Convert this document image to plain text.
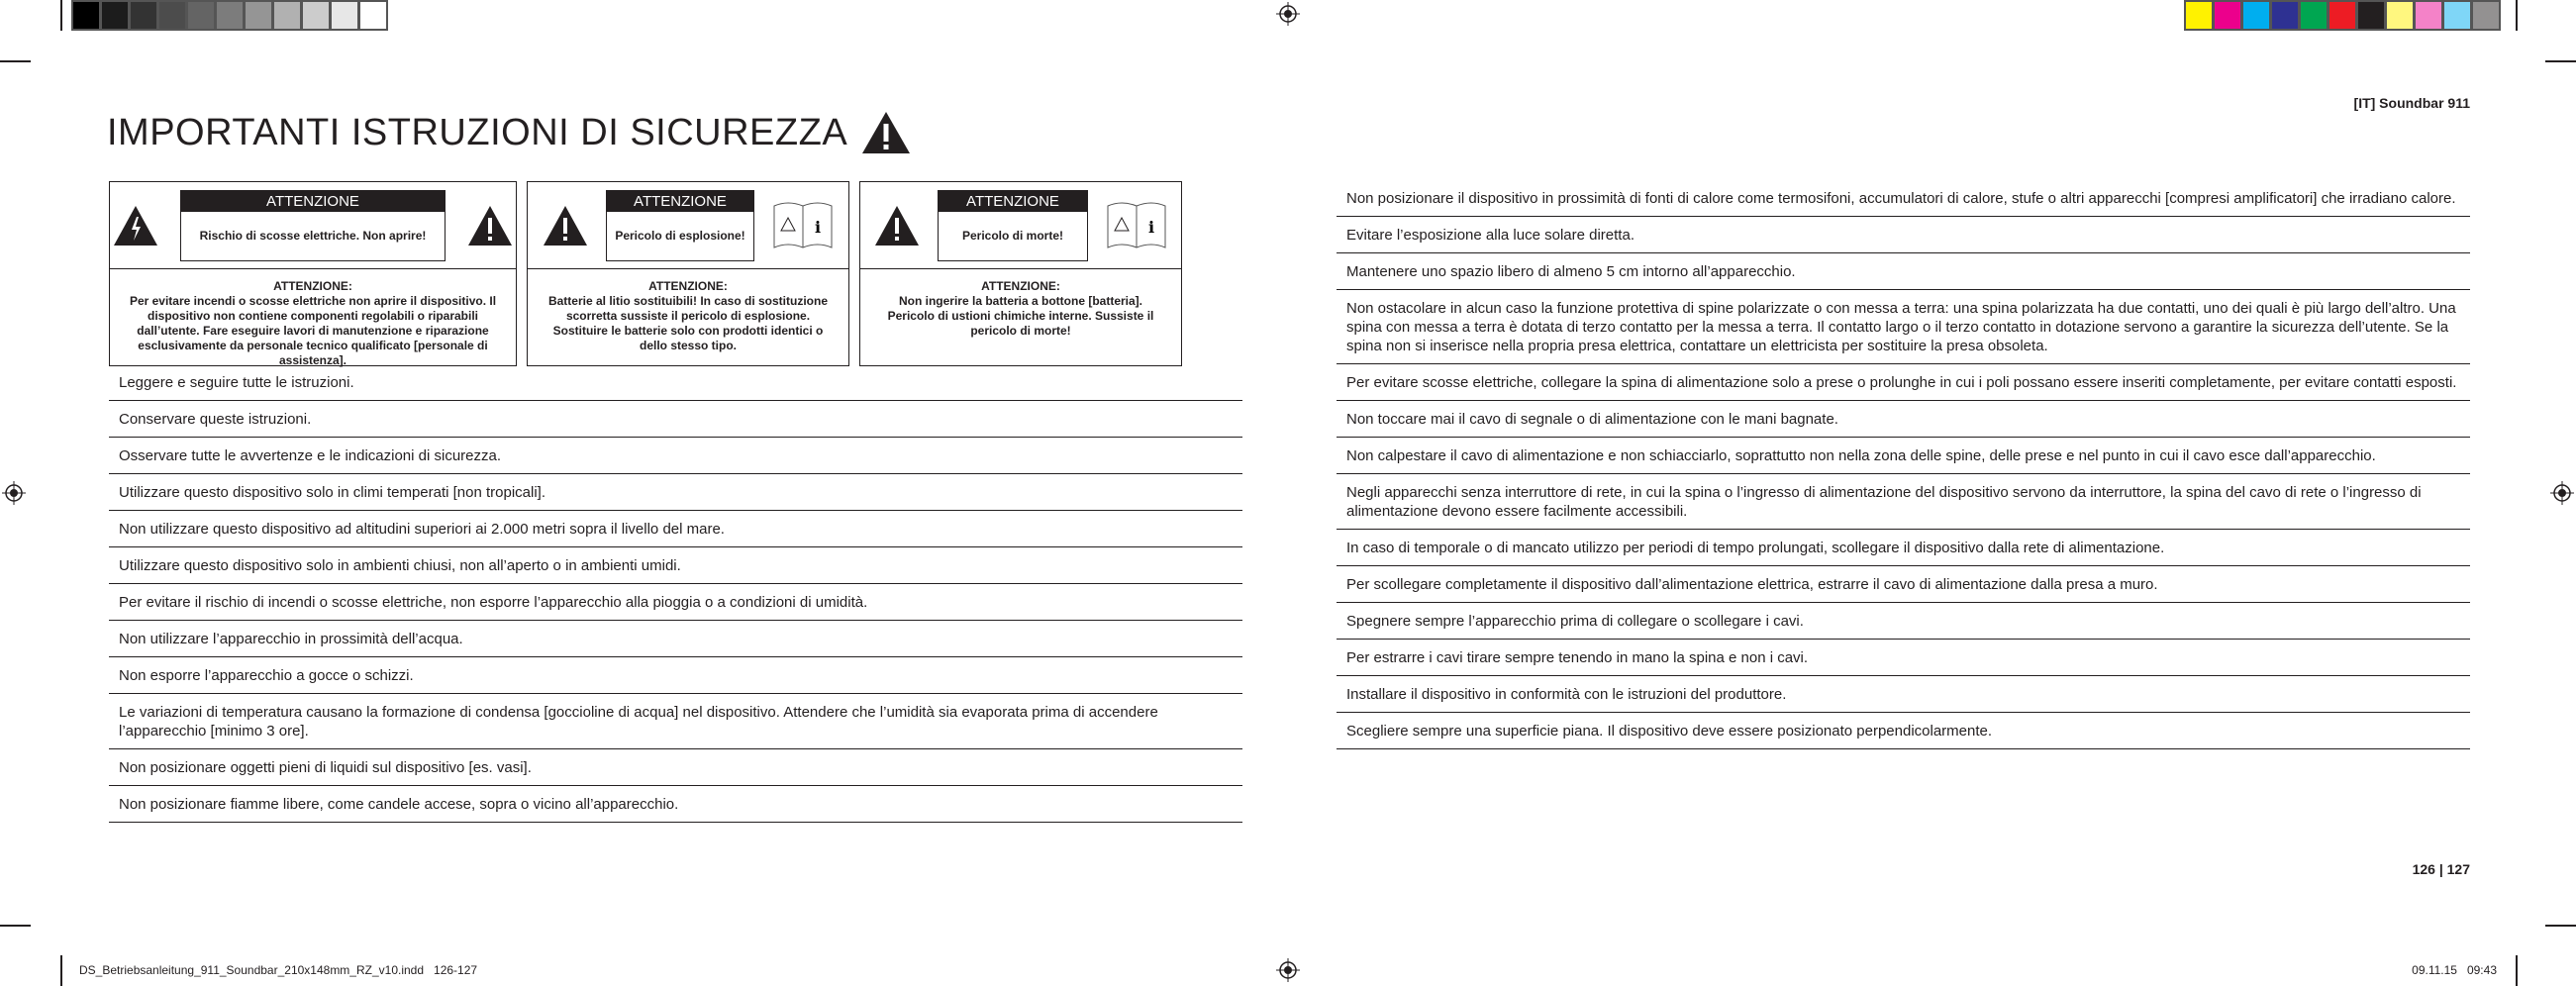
IMPORTANTI ISTRUZIONI DI SICUREZZA
[IT] Soundbar 911
ATTENZIONE
Rischio di scosse elettriche. Non aprire!
ATTENZIONE:
Per evitare incendi o scosse elettriche non aprire il dispositivo. Il dispositivo non contiene componenti regolabili o riparabili dall’utente. Fare eseguire lavori di manutenzione e riparazione esclusivamente da personale tecnico qualificato [personale di assistenza].
ATTENZIONE
Pericolo di esplosione!	i
ATTENZIONE:
Batterie al litio sostituibili! In caso di sostituzione scorretta sussiste il pericolo di esplosione. Sostituire le batterie solo con prodotti identici o dello stesso tipo.
ATTENZIONE
Pericolo di morte!	i
ATTENZIONE:
Non ingerire la batteria a bottone [batteria]. Pericolo di ustioni chimiche interne. Sussiste il pericolo di morte!
Leggere e seguire tutte le istruzioni.
Conservare queste istruzioni.
Osservare tutte le avvertenze e le indicazioni di sicurezza.
Utilizzare questo dispositivo solo in climi temperati [non tropicali].
Non utilizzare questo dispositivo ad altitudini superiori ai 2.000 metri sopra il livello del mare.
Utilizzare questo dispositivo solo in ambienti chiusi, non all’aperto o in ambienti umidi.
Per evitare il rischio di incendi o scosse elettriche, non esporre l’apparecchio alla pioggia o a condizioni di umidità.
Non utilizzare l’apparecchio in prossimità dell’acqua.
Non esporre l’apparecchio a gocce o schizzi.
Le variazioni di temperatura causano la formazione di condensa [goccioline di acqua] nel dispositivo. Attendere che l’umidità sia evaporata prima di accendere l’apparecchio [minimo 3 ore].
Non posizionare oggetti pieni di liquidi sul dispositivo [es. vasi].
Non posizionare fiamme libere, come candele accese, sopra o vicino all’apparecchio.
Non posizionare il dispositivo in prossimità di fonti di calore come termosifoni, accumulatori di calore, stufe o altri apparecchi [compresi amplificatori] che irradiano calore.
Evitare l’esposizione alla luce solare diretta.
Mantenere uno spazio libero di almeno 5 cm intorno all’apparecchio.
Non ostacolare in alcun caso la funzione protettiva di spine polarizzate o con messa a terra: una spina polarizzata ha due contatti, uno dei quali è più largo dell’altro. Una spina con messa a terra è dotata di terzo contatto per la messa a terra. Il contatto largo o il terzo contatto in dotazione servono a garantire la sicurezza dell’utente. Se la spina non si inserisce nella propria presa elettrica, contattare un elettricista per sostituire la presa obsoleta.
Per evitare scosse elettriche, collegare la spina di alimentazione solo a prese o prolunghe in cui i poli possano essere inseriti completamente, per evitare contatti esposti.
Non toccare mai il cavo di segnale o di alimentazione con le mani bagnate.
Non calpestare il cavo di alimentazione e non schiacciarlo, soprattutto non nella zona delle spine, delle prese e nel punto in cui il cavo esce dall’apparecchio.
Negli apparecchi senza interruttore di rete, in cui la spina o l’ingresso di alimentazione del dispositivo servono da interruttore, la spina del cavo di rete o l’ingresso di alimentazione devono essere facilmente accessibili.
In caso di temporale o di mancato utilizzo per periodi di tempo prolungati, scollegare il dispositivo dalla rete di alimentazione.
Per scollegare completamente il dispositivo dall’alimentazione elettrica, estrarre il cavo di alimentazione dalla presa a muro.
Spegnere sempre l’apparecchio prima di collegare o scollegare i cavi.
Per estrarre i cavi tirare sempre tenendo in mano la spina e non i cavi.
Installare il dispositivo in conformità con le istruzioni del produttore.
Scegliere sempre una superficie piana. Il dispositivo deve essere posizionato perpendicolarmente.
126 | 127
DS_Betriebsanleitung_911_Soundbar_210x148mm_RZ_v10.indd   126-127	09.11.15   09:43
